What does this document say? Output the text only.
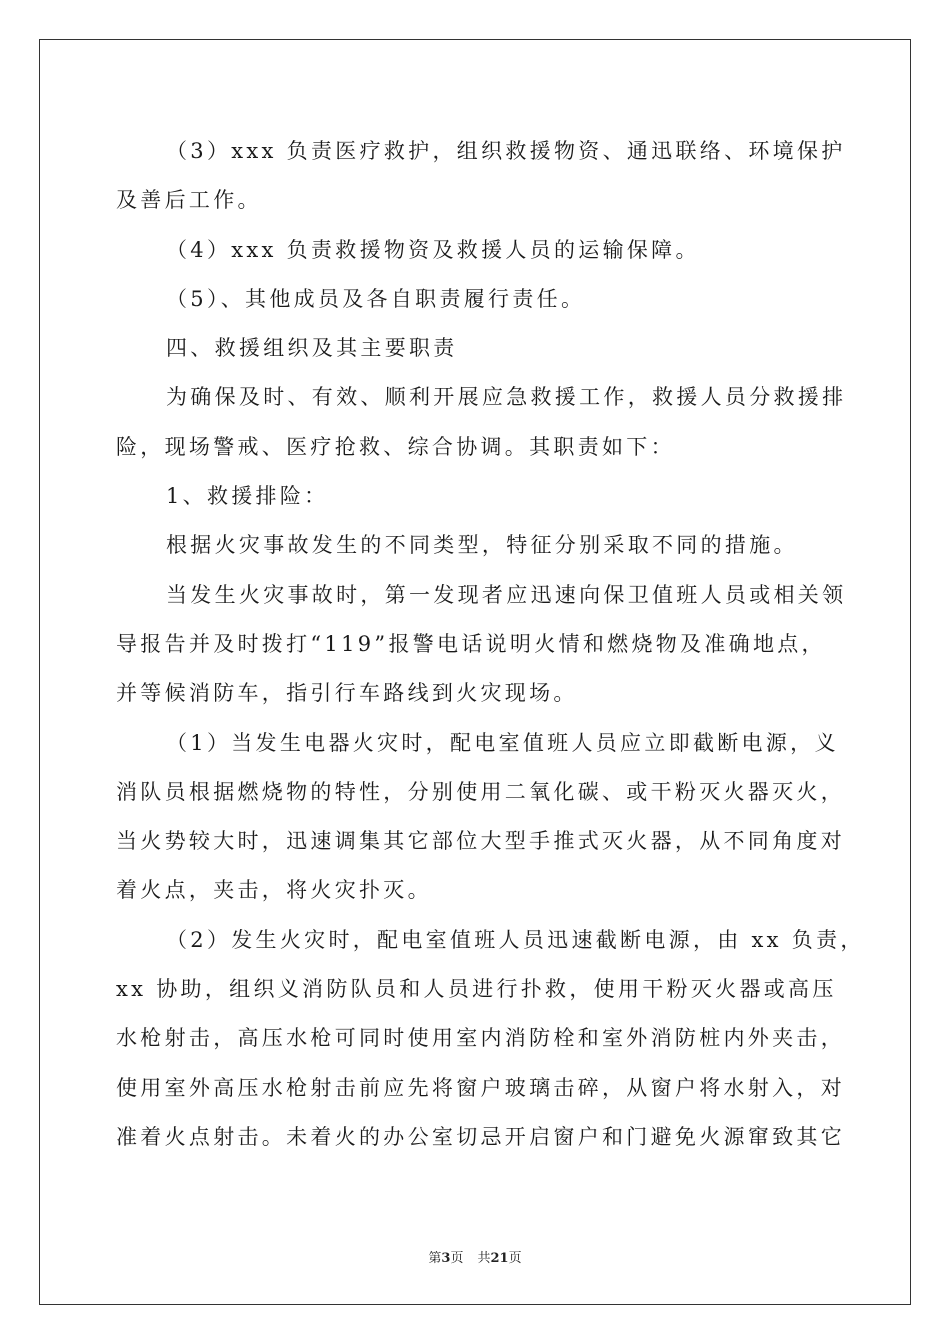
（3）xxx 负责医疗救护，组织救援物资、通迅联络、环境保护
及善后工作。
（4）xxx 负责救援物资及救援人员的运输保障。
（5）、其他成员及各自职责履行责任。
四、救援组织及其主要职责
为确保及时、有效、顺利开展应急救援工作，救援人员分救援排
险，现场警戒、医疗抢救、综合协调。其职责如下：
1、救援排险：
根据火灾事故发生的不同类型，特征分别采取不同的措施。
当发生火灾事故时，第一发现者应迅速向保卫值班人员或相关领
导报告并及时拨打“119”报警电话说明火情和燃烧物及准确地点，
并等候消防车，指引行车路线到火灾现场。
（1）当发生电器火灾时，配电室值班人员应立即截断电源，义
消队员根据燃烧物的特性，分别使用二氧化碳、或干粉灭火器灭火，
当火势较大时，迅速调集其它部位大型手推式灭火器，从不同角度对
着火点，夹击，将火灾扑灭。
（2）发生火灾时，配电室值班人员迅速截断电源，由 xx 负责，
xx 协助，组织义消防队员和人员进行扑救，使用干粉灭火器或高压
水枪射击，高压水枪可同时使用室内消防栓和室外消防桩内外夹击，
使用室外高压水枪射击前应先将窗户玻璃击碎，从窗户将水射入，对
准着火点射击。未着火的办公室切忌开启窗户和门避免火源窜致其它
第3页 共21页
